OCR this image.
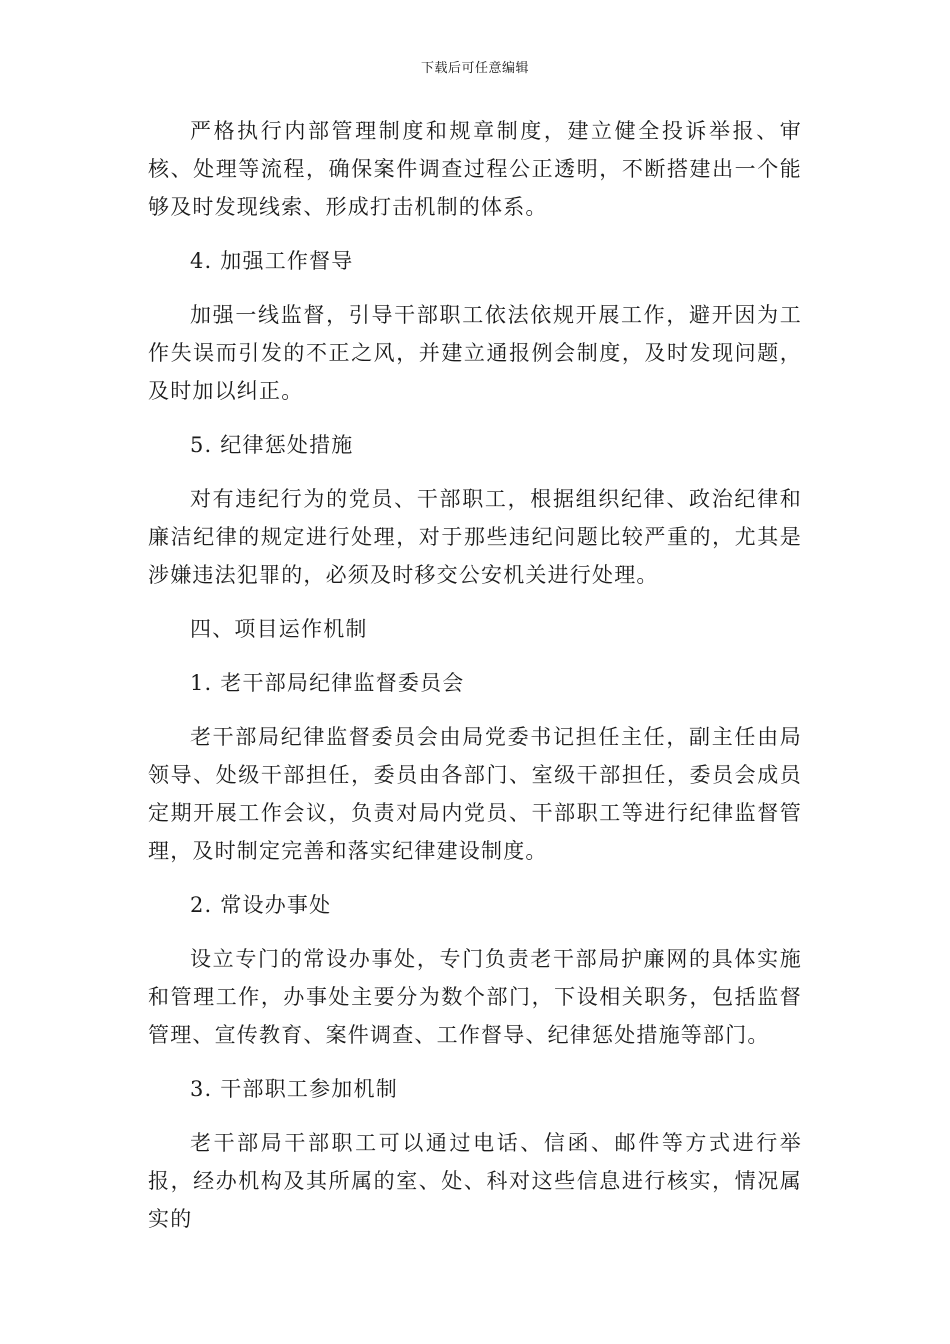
下载后可任意编辑

严格执行内部管理制度和规章制度，建立健全投诉举报、审核、处理等流程，确保案件调查过程公正透明，不断搭建出一个能够及时发现线索、形成打击机制的体系。

4. 加强工作督导

加强一线监督，引导干部职工依法依规开展工作，避开因为工作失误而引发的不正之风，并建立通报例会制度，及时发现问题，及时加以纠正。

5. 纪律惩处措施

对有违纪行为的党员、干部职工，根据组织纪律、政治纪律和廉洁纪律的规定进行处理，对于那些违纪问题比较严重的，尤其是涉嫌违法犯罪的，必须及时移交公安机关进行处理。

四、项目运作机制

1. 老干部局纪律监督委员会

老干部局纪律监督委员会由局党委书记担任主任，副主任由局领导、处级干部担任，委员由各部门、室级干部担任，委员会成员定期开展工作会议，负责对局内党员、干部职工等进行纪律监督管理，及时制定完善和落实纪律建设制度。

2. 常设办事处

设立专门的常设办事处，专门负责老干部局护廉网的具体实施和管理工作，办事处主要分为数个部门，下设相关职务，包括监督管理、宣传教育、案件调查、工作督导、纪律惩处措施等部门。

3. 干部职工参加机制

老干部局干部职工可以通过电话、信函、邮件等方式进行举报，经办机构及其所属的室、处、科对这些信息进行核实，情况属实的
